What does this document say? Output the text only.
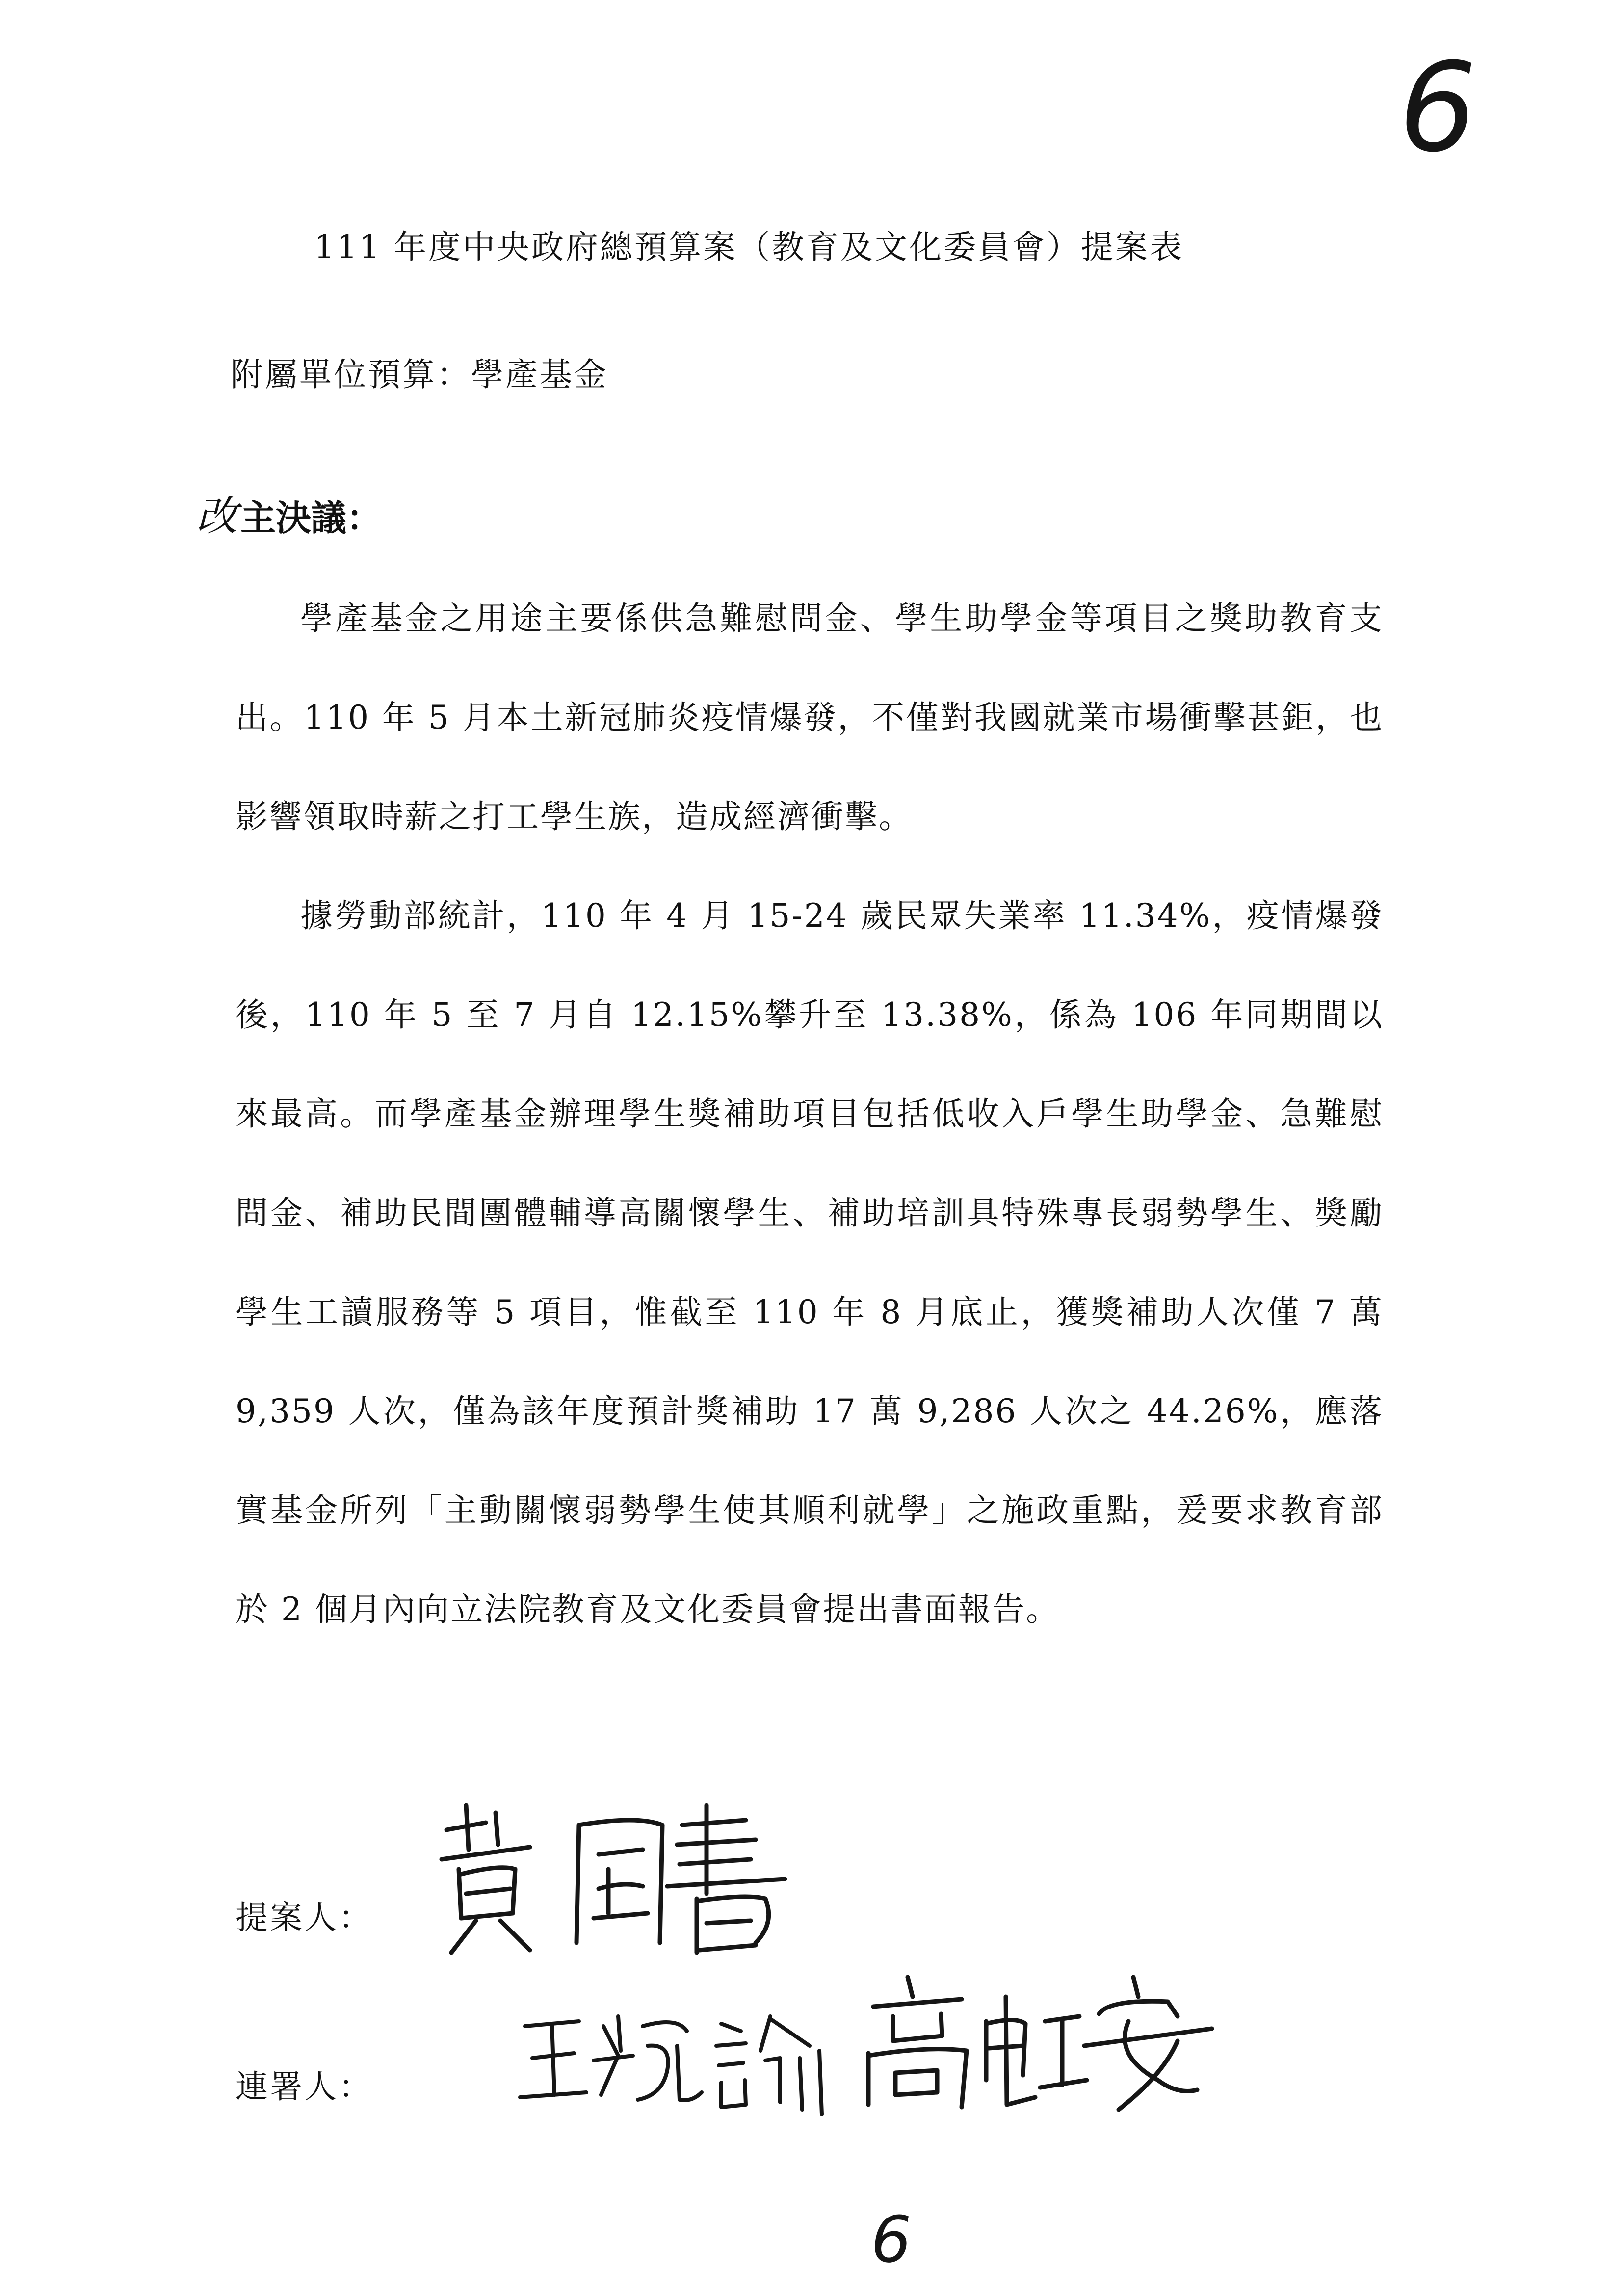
6
111 年度中央政府總預算案（教育及文化委員會）提案表
附屬單位預算：學產基金
改主決議：

學產基金之用途主要係供急難慰問金、學生助學金等項目之獎助教育支出。110 年 5 月本土新冠肺炎疫情爆發，不僅對我國就業市場衝擊甚鉅，也影響領取時薪之打工學生族，造成經濟衝擊。

據勞動部統計，110 年 4 月 15-24 歲民眾失業率 11.34%，疫情爆發後，110 年 5 至 7 月自 12.15%攀升至 13.38%，係為 106 年同期間以來最高。而學產基金辦理學生獎補助項目包括低收入戶學生助學金、急難慰問金、補助民間團體輔導高關懷學生、補助培訓具特殊專長弱勢學生、獎勵學生工讀服務等 5 項目，惟截至 110 年 8 月底止，獲獎補助人次僅 7 萬 9,359 人次，僅為該年度預計獎補助 17 萬 9,286 人次之 44.26%，應落實基金所列「主動關懷弱勢學生使其順利就學」之施政重點，爰要求教育部於 2 個月內向立法院教育及文化委員會提出書面報告。

提案人：
連署人：
6
